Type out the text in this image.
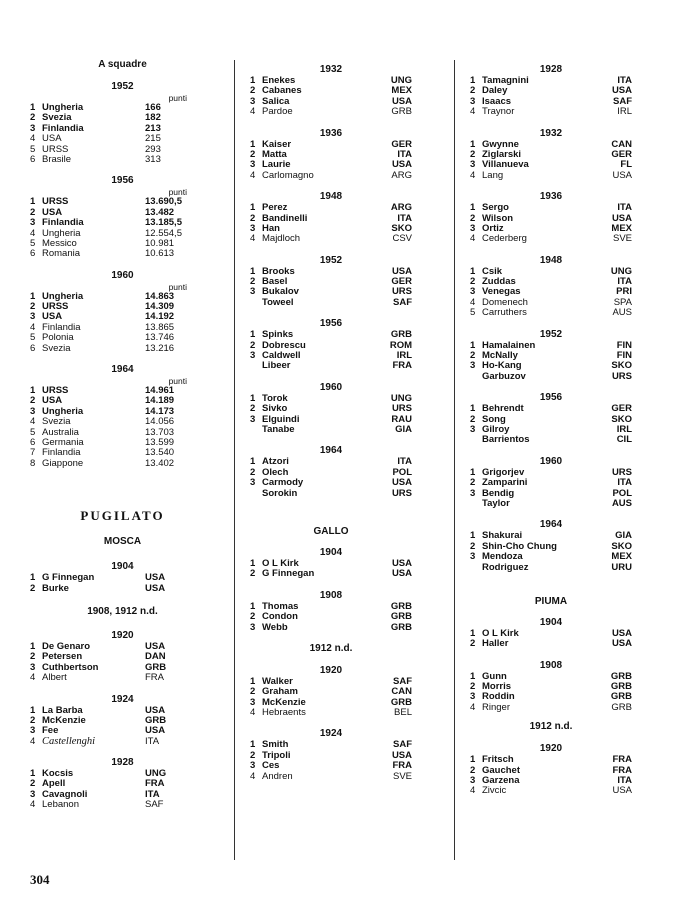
A squadre
1952
punti
1 Ungheria	166
2 Svezia	182
3 Finlandia	213
4 USA	215
5 URSS	293
6 Brasile	313
1956
punti
1 URSS	13.690,5
2 USA	13.482
3 Finlandia	13.185,5
4 Ungheria	12.554,5
5 Messico	10.981
6 Romania	10.613
1960
punti
1 Ungheria	14.863
2 URSS	14.309
3 USA	14.192
4 Finlandia	13.865
5 Polonia	13.746
6 Svezia	13.216
1964
punti
1 URSS	14.961
2 USA	14.189
3 Ungheria	14.173
4 Svezia	14.056
5 Australia	13.703
6 Germania	13.599
7 Finlandia	13.540
8 Giappone	13.402
PUGILATO
MOSCA
1904
1 G Finnegan	USA
2 Burke	USA
1908, 1912 n.d.
1920
1 De Genaro	USA
2 Petersen	DAN
3 Cuthbertson	GRB
4 Albert	FRA
1924
1 La Barba	USA
2 McKenzie	GRB
3 Fee	USA
4 Castellenghi	ITA
1928
1 Kocsis	UNG
2 Apell	FRA
3 Cavagnoli	ITA
4 Lebanon	SAF
1932
1 Enekes	UNG
2 Cabanes	MEX
3 Salica	USA
4 Pardoe	GRB
1936
1 Kaiser	GER
2 Matta	ITA
3 Laurie	USA
4 Carlomagno	ARG
1948
1 Perez	ARG
2 Bandinelli	ITA
3 Han	SKO
4 Majdloch	CSV
1952
1 Brooks	USA
2 Basel	GER
3 Bukalov	URS
Toweel	SAF
1956
1 Spinks	GRB
2 Dobrescu	ROM
3 Caldwell	IRL
Libeer	FRA
1960
1 Torok	UNG
2 Sivko	URS
3 Elguindi	RAU
Tanabe	GIA
1964
1 Atzori	ITA
2 Olech	POL
3 Carmody	USA
Sorokin	URS
GALLO
1904
1 O L Kirk	USA
2 G Finnegan	USA
1908
1 Thomas	GRB
2 Condon	GRB
3 Webb	GRB
1912 n.d.
1920
1 Walker	SAF
2 Graham	CAN
3 McKenzie	GRB
4 Hebraents	BEL
1924
1 Smith	SAF
2 Tripoli	USA
3 Ces	FRA
4 Andren	SVE
1928
1 Tamagnini	ITA
2 Daley	USA
3 Isaacs	SAF
4 Traynor	IRL
1932
1 Gwynne	CAN
2 Ziglarski	GER
3 Villanueva	FL
4 Lang	USA
1936
1 Sergo	ITA
2 Wilson	USA
3 Ortiz	MEX
4 Cederberg	SVE
1948
1 Csik	UNG
2 Zuddas	ITA
3 Venegas	PRI
4 Domenech	SPA
5 Carruthers	AUS
1952
1 Hamalainen	FIN
2 McNally	FIN
3 Ho-Kang	SKO
Garbuzov	URS
1956
1 Behrendt	GER
2 Song	SKO
3 Gilroy	IRL
Barrientos	CIL
1960
1 Grigorjev	URS
2 Zamparini	ITA
3 Bendig	POL
Taylor	AUS
1964
1 Shakurai	GIA
2 Shin-Cho Chung	SKO
3 Mendoza	MEX
Rodriguez	URU
PIUMA
1904
1 O L Kirk	USA
2 Haller	USA
1908
1 Gunn	GRB
2 Morris	GRB
3 Roddin	GRB
4 Ringer	GRB
1912 n.d.
1920
1 Fritsch	FRA
2 Gauchet	FRA
3 Garzena	ITA
4 Zivcic	USA
304
